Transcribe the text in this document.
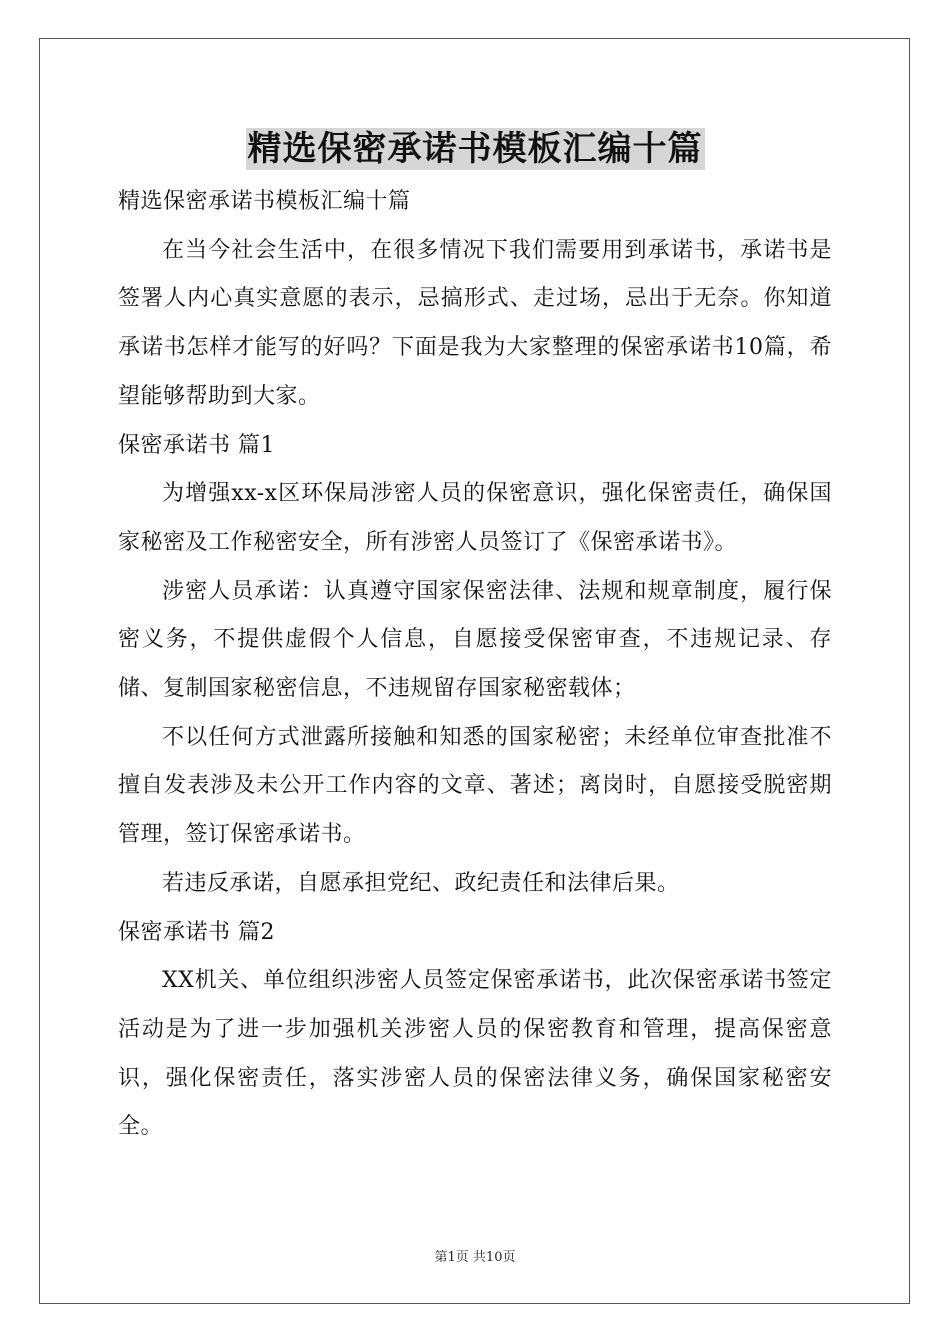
精选保密承诺书模板汇编十篇

精选保密承诺书模板汇编十篇

在当今社会生活中，在很多情况下我们需要用到承诺书，承诺书是签署人内心真实意愿的表示，忌搞形式、走过场，忌出于无奈。你知道承诺书怎样才能写的好吗？下面是我为大家整理的保密承诺书10篇，希望能够帮助到大家。

保密承诺书 篇1

为增强xx-x区环保局涉密人员的保密意识，强化保密责任，确保国家秘密及工作秘密安全，所有涉密人员签订了《保密承诺书》。

涉密人员承诺：认真遵守国家保密法律、法规和规章制度，履行保密义务，不提供虚假个人信息，自愿接受保密审查，不违规记录、存储、复制国家秘密信息，不违规留存国家秘密载体；

不以任何方式泄露所接触和知悉的国家秘密；未经单位审查批准不擅自发表涉及未公开工作内容的文章、著述；离岗时，自愿接受脱密期管理，签订保密承诺书。

若违反承诺，自愿承担党纪、政纪责任和法律后果。

保密承诺书 篇2

XX机关、单位组织涉密人员签定保密承诺书，此次保密承诺书签定活动是为了进一步加强机关涉密人员的保密教育和管理，提高保密意识，强化保密责任，落实涉密人员的保密法律义务，确保国家秘密安全。

第1页 共10页
